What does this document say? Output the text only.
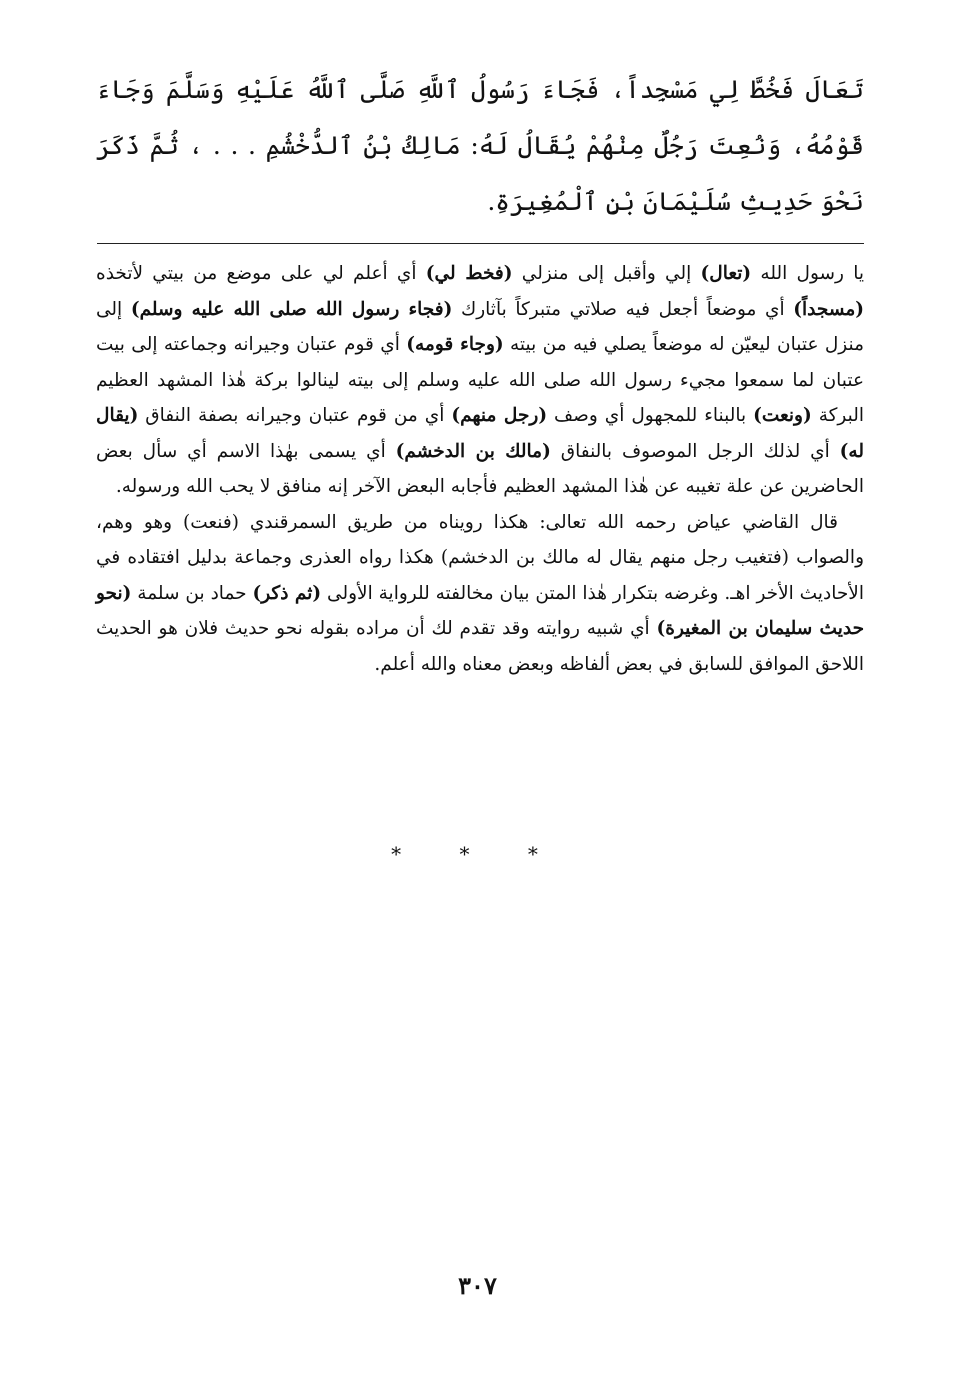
تَعَالَ فَخُطَّ لِي مَسْجِداً، فَجَاءَ رَسُولُ ٱللَّهِ صَلَّى ٱللَّهُ عَلَيْهِ وَسَلَّمَ وَجَاءَ قَوْمُهُ، وَنُعِتَ رَجُلٌ مِنْهُمْ يُقَالُ لَهُ: مَالِكُ بْنُ ٱلدُّخْشُمِ . . . ، ثُمَّ ذَكَرَ نَحْوَ حَدِيثِ سُلَيْمَانَ بْنِ ٱلْمُغِيرَةِ.

يا رسول الله (تعال) إلي وأقبل إلى منزلي (فخط لي) أي أعلم لي على موضع من بيتي لأتخذه (مسجداً) أي موضعاً أجعل فيه صلاتي متبركاً بآثارك (فجاء رسول الله صلى الله عليه وسلم) إلى منزل عتبان ليعيّن له موضعاً يصلي فيه من بيته (وجاء قومه) أي قوم عتبان وجيرانه وجماعته إلى بيت عتبان لما سمعوا مجيء رسول الله صلى الله عليه وسلم إلى بيته لينالوا بركة هٰذا المشهد العظيم البركة (ونعت) بالبناء للمجهول أي وصف (رجل منهم) أي من قوم عتبان وجيرانه بصفة النفاق (يقال له) أي لذلك الرجل الموصوف بالنفاق (مالك بن الدخشم) أي يسمى بهٰذا الاسم أي سأل بعض الحاضرين عن علة تغيبه عن هٰذا المشهد العظيم فأجابه البعض الآخر إنه منافق لا يحب الله ورسوله.

قال القاضي عياض رحمه الله تعالى: هكذا رويناه من طريق السمرقندي (فنعت) وهو وهم، والصواب (فتغيب رجل منهم يقال له مالك بن الدخشم) هكذا رواه العذرى وجماعة بدليل افتقاده في الأحاديث الأخر اهـ. وغرضه بتكرار هٰذا المتن بيان مخالفته للرواية الأولى (ثم ذكر) حماد بن سلمة (نحو حديث سليمان بن المغيرة) أي شبيه روايته وقد تقدم لك أن مراده بقوله نحو حديث فلان هو الحديث اللاحق الموافق للسابق في بعض ألفاظه وبعض معناه والله أعلم.

* * *
٣٠٧
